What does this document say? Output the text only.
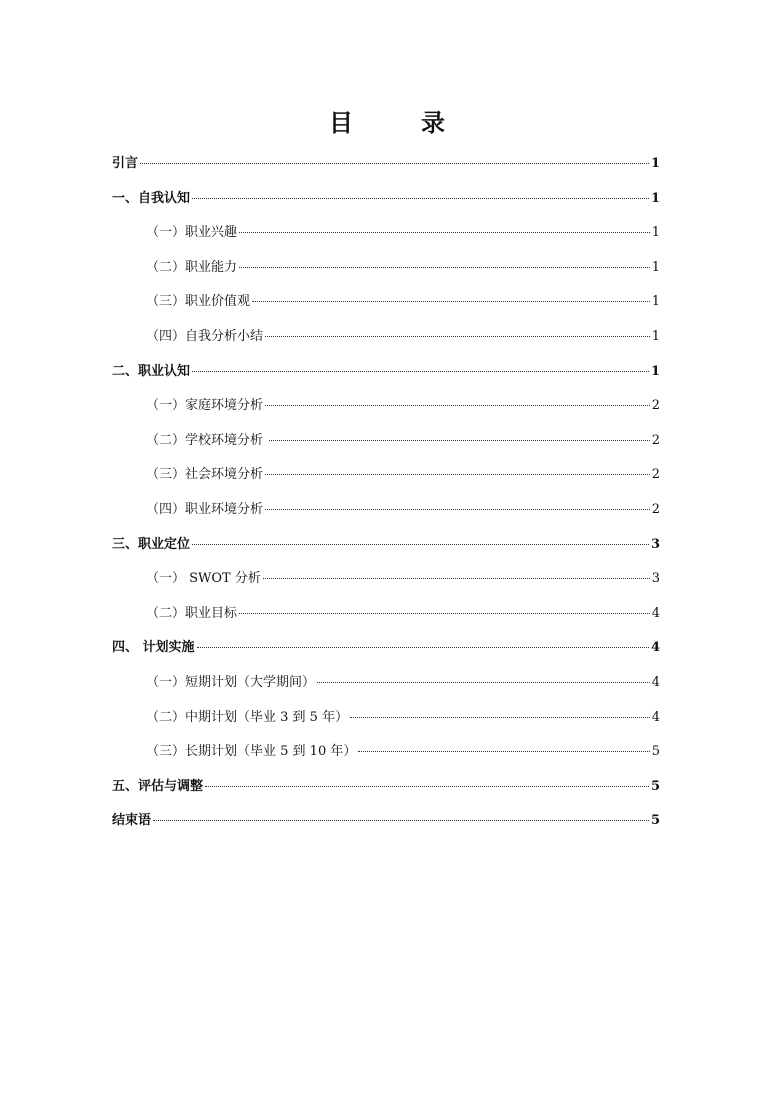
目　录
引言	1
一、自我认知	1
（一）职业兴趣	1
（二）职业能力	1
（三）职业价值观	1
（四）自我分析小结	1
二、职业认知	1
（一）家庭环境分析	2
（二）学校环境分析	2
（三）社会环境分析	2
（四）职业环境分析	2
三、职业定位	3
（一） SWOT 分析	3
（二）职业目标	4
四、 计划实施	4
（一）短期计划（大学期间）	4
（二）中期计划（毕业 3 到 5 年）	4
（三）长期计划（毕业 5 到 10 年）	5
五、评估与调整	5
结束语	5
